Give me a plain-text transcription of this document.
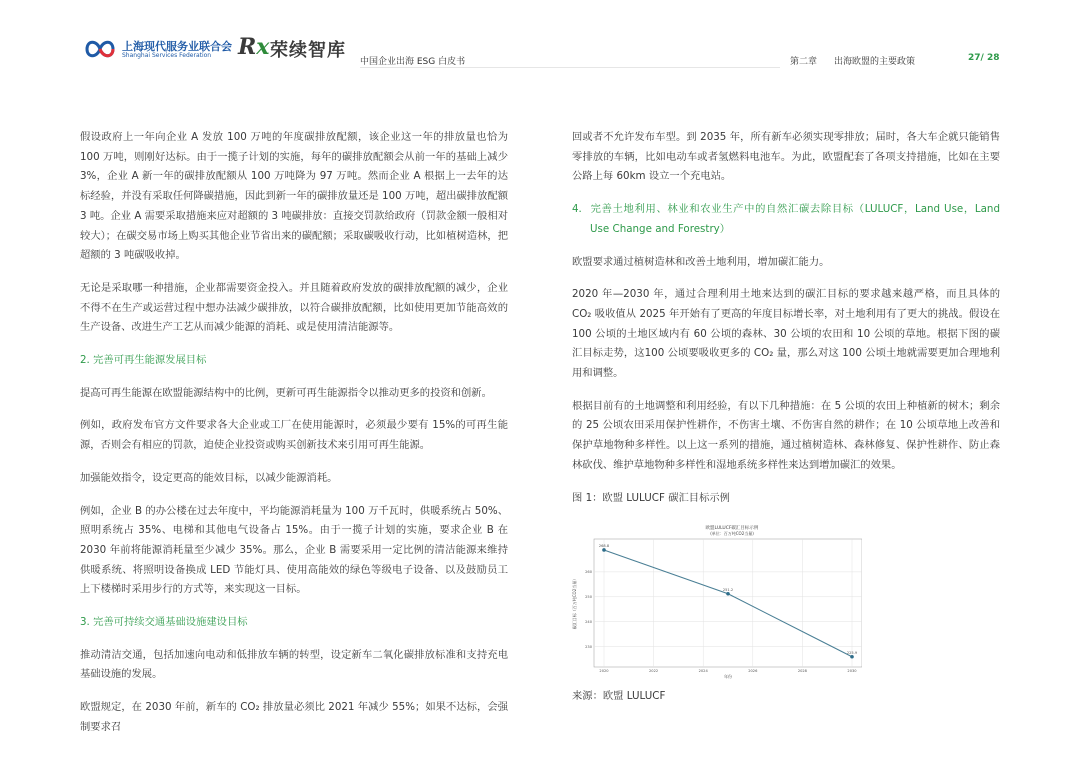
上海现代服务业联合会
Shanghai Services Federation Rx 荣续智库
中国企业出海 ESG 白皮书	第二章 出海欧盟的主要政策	27/ 28

假设政府上一年向企业 A 发放 100 万吨的年度碳排放配额，该企业这一年的排放量也恰为 100 万吨，则刚好达标。由于一揽子计划的实施，每年的碳排放配额会从前一年的基础上减少 3%，企业 A 新一年的碳排放配额从 100 万吨降为 97 万吨。然而企业 A 根据上一去年的达标经验，并没有采取任何降碳措施，因此到新一年的碳排放量还是 100 万吨，超出碳排放配额 3 吨。企业 A 需要采取措施来应对超额的 3 吨碳排放：直接交罚款给政府（罚款金额一般相对较大）；在碳交易市场上购买其他企业节省出来的碳配额；采取碳吸收行动，比如植树造林，把超额的 3 吨碳吸收掉。

无论是采取哪一种措施，企业都需要资金投入。并且随着政府发放的碳排放配额的减少，企业不得不在生产或运营过程中想办法减少碳排放，以符合碳排放配额，比如使用更加节能高效的生产设备、改进生产工艺从而减少能源的消耗、或是使用清洁能源等。

2. 完善可再生能源发展目标

提高可再生能源在欧盟能源结构中的比例，更新可再生能源指令以推动更多的投资和创新。

例如，政府发布官方文件要求各大企业或工厂在使用能源时，必须最少要有 15%的可再生能源，否则会有相应的罚款，迫使企业投资或购买创新技术来引用可再生能源。

加强能效指令，设定更高的能效目标，以减少能源消耗。

例如，企业 B 的办公楼在过去年度中，平均能源消耗量为 100 万千瓦时，供暖系统占 50%、照明系统占 35%、电梯和其他电气设备占 15%。由于一揽子计划的实施，要求企业 B 在 2030 年前将能源消耗量至少减少 35%。那么，企业 B 需要采用一定比例的清洁能源来维持供暖系统、将照明设备换成 LED 节能灯具、使用高能效的绿色等级电子设备、以及鼓励员工上下楼梯时采用步行的方式等，来实现这一目标。

3. 完善可持续交通基础设施建设目标

推动清洁交通，包括加速向电动和低排放车辆的转型，设定新车二氧化碳排放标准和支持充电基础设施的发展。

欧盟规定，在 2030 年前，新车的 CO₂ 排放量必须比 2021 年减少 55%；如果不达标，会强制要求召

回或者不允许发布车型。到 2035 年，所有新车必须实现零排放；届时，各大车企就只能销售零排放的车辆，比如电动车或者氢燃料电池车。为此，欧盟配套了各项支持措施，比如在主要公路上每 60km 设立一个充电站。

4. 完善土地利用、林业和农业生产中的自然汇碳去除目标（LULUCF，Land Use，Land Use Change and Forestry）

欧盟要求通过植树造林和改善土地利用，增加碳汇能力。

2020 年—2030 年，通过合理利用土地来达到的碳汇目标的要求越来越严格，而且具体的 CO₂ 吸收值从 2025 年开始有了更高的年度目标增长率，对土地利用有了更大的挑战。假设在 100 公顷的土地区域内有 60 公顷的森林、30 公顷的农田和 10 公顷的草地。根据下图的碳汇目标走势，这100 公顷要吸收更多的 CO₂ 量，那么对这 100 公顷土地就需要更加合理地利用和调整。

根据目前有的土地调整和利用经验，有以下几种措施：在 5 公顷的农田上种植新的树木；剩余的 25 公顷农田采用保护性耕作，不伤害土壤、不伤害自然的耕作；在 10 公顷草地上改善和保护草地物种多样性。以上这一系列的措施，通过植树造林、森林修复、保护性耕作、防止森林砍伐、维护草地物种多样性和湿地系统多样性来达到增加碳汇的效果。

图 1：欧盟 LULUCF 碳汇目标示例

欧盟LULUCF碳汇目标示例
(单位：百万吨CO2当量)
2020	2022	2024	2026	2028	2030
230
240
250
260
碳汇目标（百万吨CO2当量）
年份
268.8
251.2
225.9

来源：欧盟 LULUCF
